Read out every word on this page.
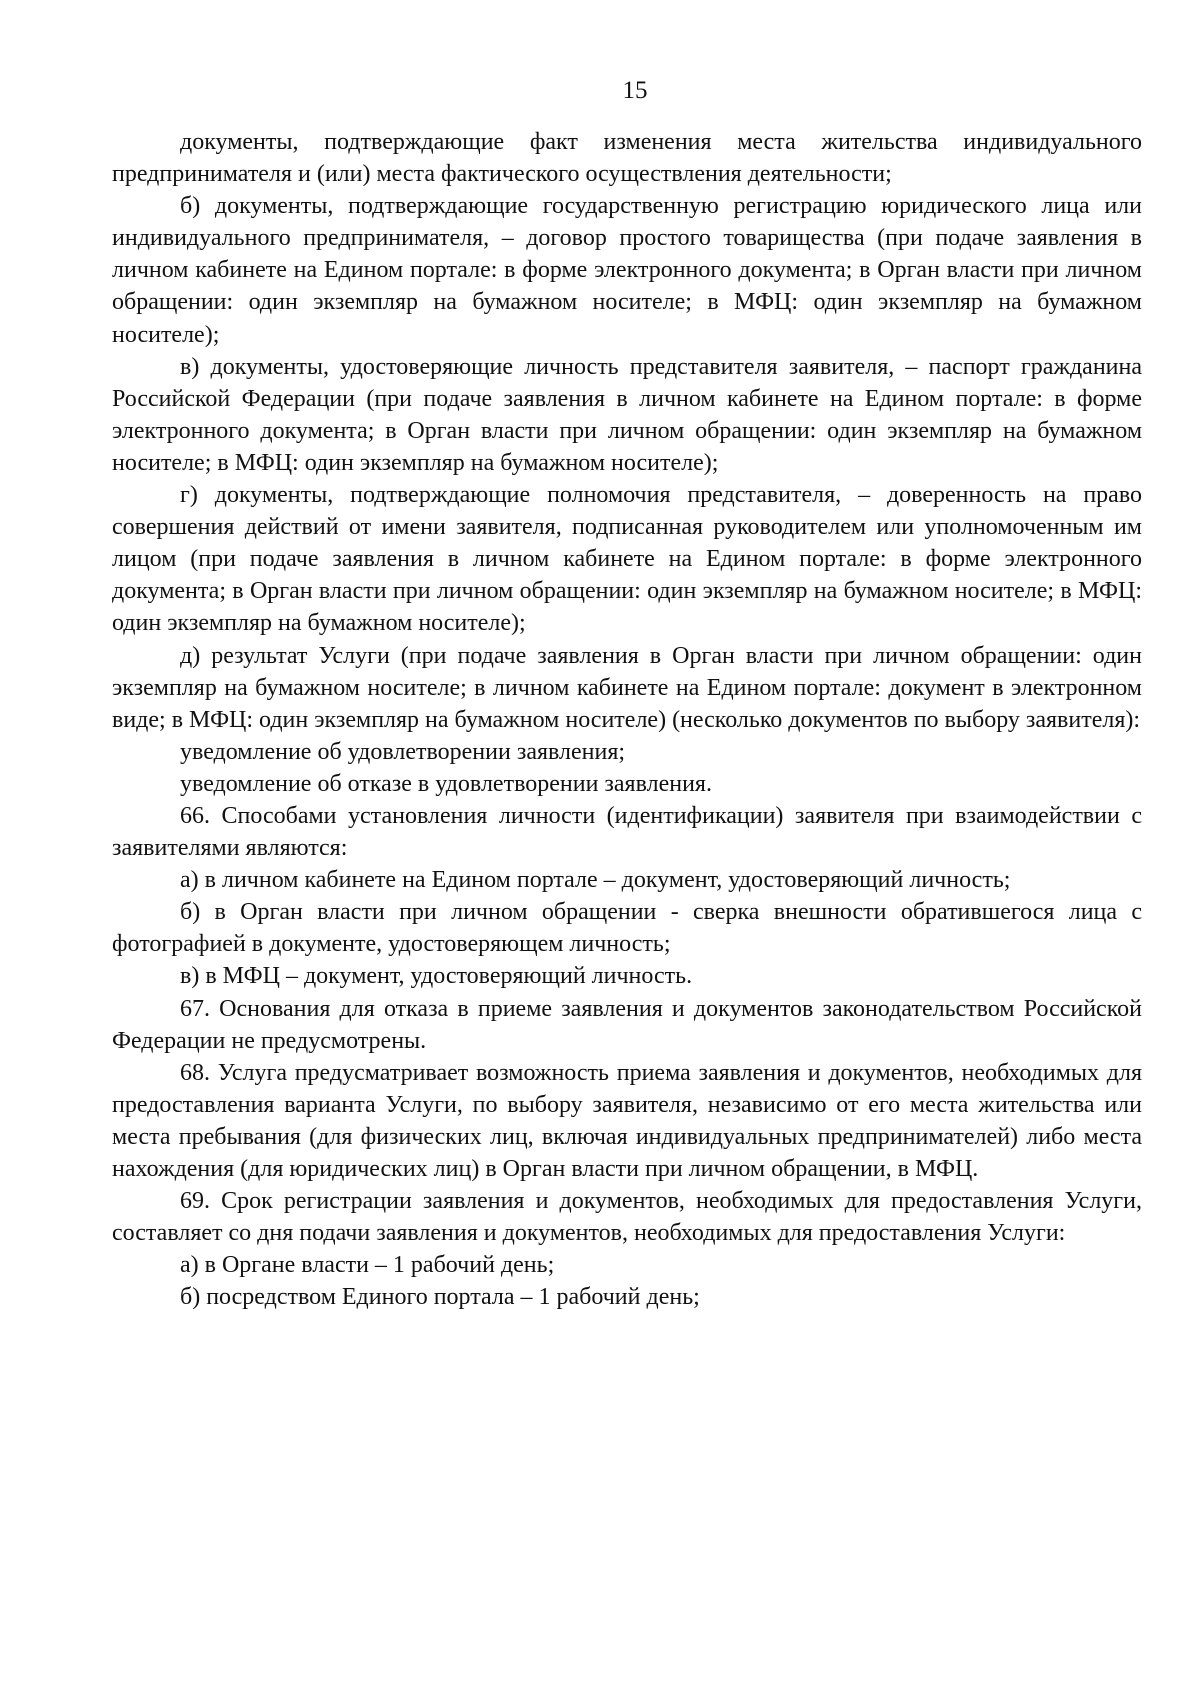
15

документы, подтверждающие факт изменения места жительства индивидуального предпринимателя и (или) места фактического осуществления деятельности;

б) документы, подтверждающие государственную регистрацию юридического лица или индивидуального предпринимателя, – договор простого товарищества (при подаче заявления в личном кабинете на Едином портале: в форме электронного документа; в Орган власти при личном обращении: один экземпляр на бумажном носителе; в МФЦ: один экземпляр на бумажном носителе);

в) документы, удостоверяющие личность представителя заявителя, – паспорт гражданина Российской Федерации (при подаче заявления в личном кабинете на Едином портале: в форме электронного документа; в Орган власти при личном обращении: один экземпляр на бумажном носителе; в МФЦ: один экземпляр на бумажном носителе);

г) документы, подтверждающие полномочия представителя, – доверенность на право совершения действий от имени заявителя, подписанная руководителем или уполномоченным им лицом (при подаче заявления в личном кабинете на Едином портале: в форме электронного документа; в Орган власти при личном обращении: один экземпляр на бумажном носителе; в МФЦ: один экземпляр на бумажном носителе);

д) результат Услуги (при подаче заявления в Орган власти при личном обращении: один экземпляр на бумажном носителе; в личном кабинете на Едином портале: документ в электронном виде; в МФЦ: один экземпляр на бумажном носителе) (несколько документов по выбору заявителя):

уведомление об удовлетворении заявления;

уведомление об отказе в удовлетворении заявления.

66. Способами установления личности (идентификации) заявителя при взаимодействии с заявителями являются:

а) в личном кабинете на Едином портале – документ, удостоверяющий личность;

б) в Орган власти при личном обращении - сверка внешности обратившегося лица с фотографией в документе, удостоверяющем личность;

в) в МФЦ – документ, удостоверяющий личность.

67. Основания для отказа в приеме заявления и документов законодательством Российской Федерации не предусмотрены.

68. Услуга предусматривает возможность приема заявления и документов, необходимых для предоставления варианта Услуги, по выбору заявителя, независимо от его места жительства или места пребывания (для физических лиц, включая индивидуальных предпринимателей) либо места нахождения (для юридических лиц) в Орган власти при личном обращении, в МФЦ.

69. Срок регистрации заявления и документов, необходимых для предоставления Услуги, составляет со дня подачи заявления и документов, необходимых для предоставления Услуги:

а) в Органе власти – 1 рабочий день;

б) посредством Единого портала – 1 рабочий день;
